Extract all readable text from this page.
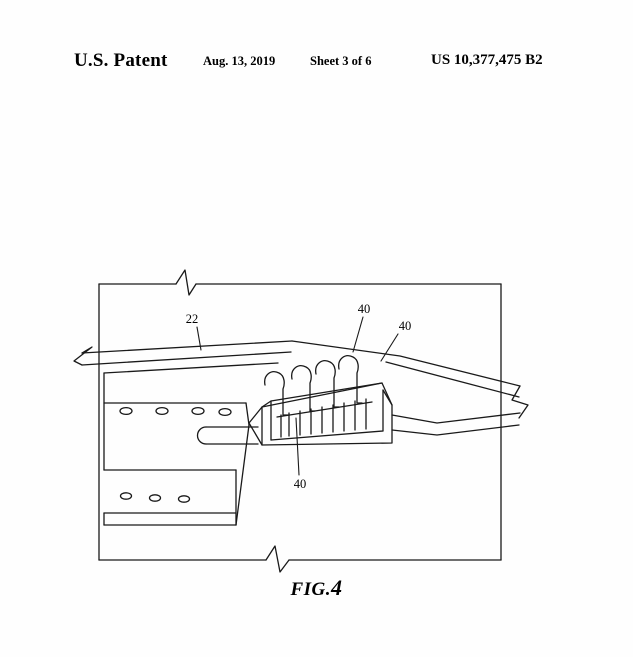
U.S. Patent	Aug. 13, 2019	Sheet 3 of 6	US 10,377,475 B2
22
40
40
40
FIG.4
